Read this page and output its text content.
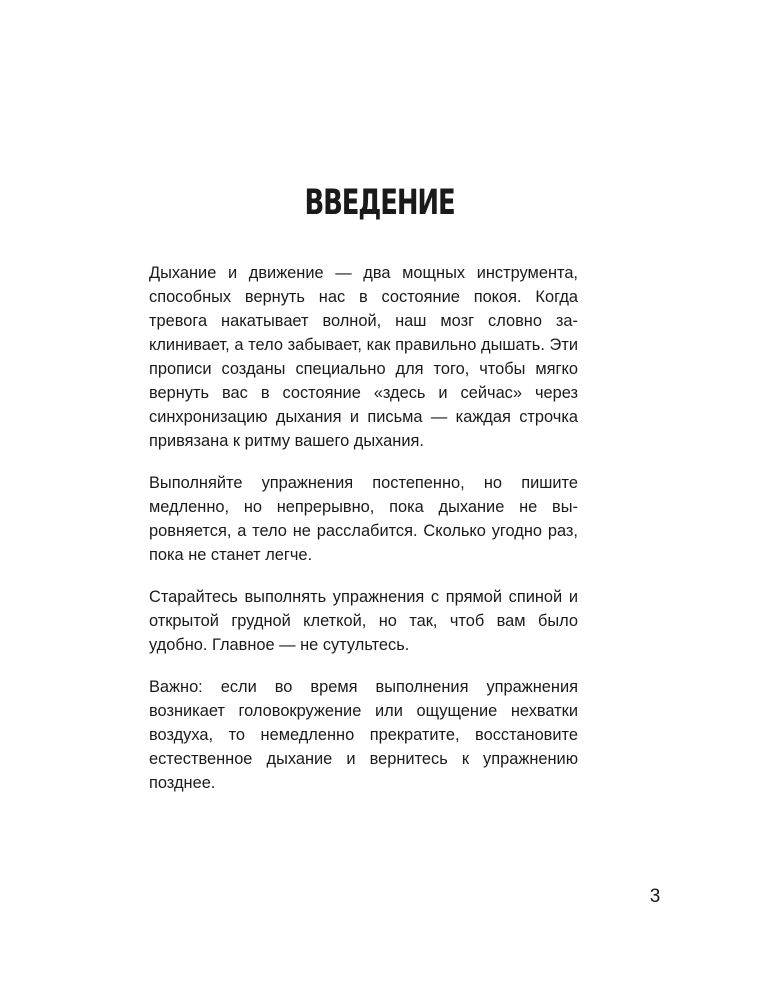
ВВЕДЕНИЕ

Дыхание и движение — два мощных инструмента, способных вернуть нас в состояние покоя. Когда тревога накатывает волной, наш мозг словно заклинивает, а тело забывает, как правильно дышать. Эти прописи созданы специально для того, чтобы мягко вернуть вас в состояние «здесь и сейчас» через синхронизацию дыхания и письма — каждая строчка привязана к ритму вашего дыхания.

Выполняйте упражнения постепенно, но пишите медленно, но непрерывно, пока дыхание не выровняется, а тело не расслабится. Сколько угодно раз, пока не станет легче.

Старайтесь выполнять упражнения с прямой спиной и открытой грудной клеткой, но так, чтоб вам было удобно. Главное — не сутультесь.

Важно: если во время выполнения упражнения возникает головокружение или ощущение нехватки воздуха, то немедленно прекратите, восстановите естественное дыхание и вернитесь к упражнению позднее.

3
